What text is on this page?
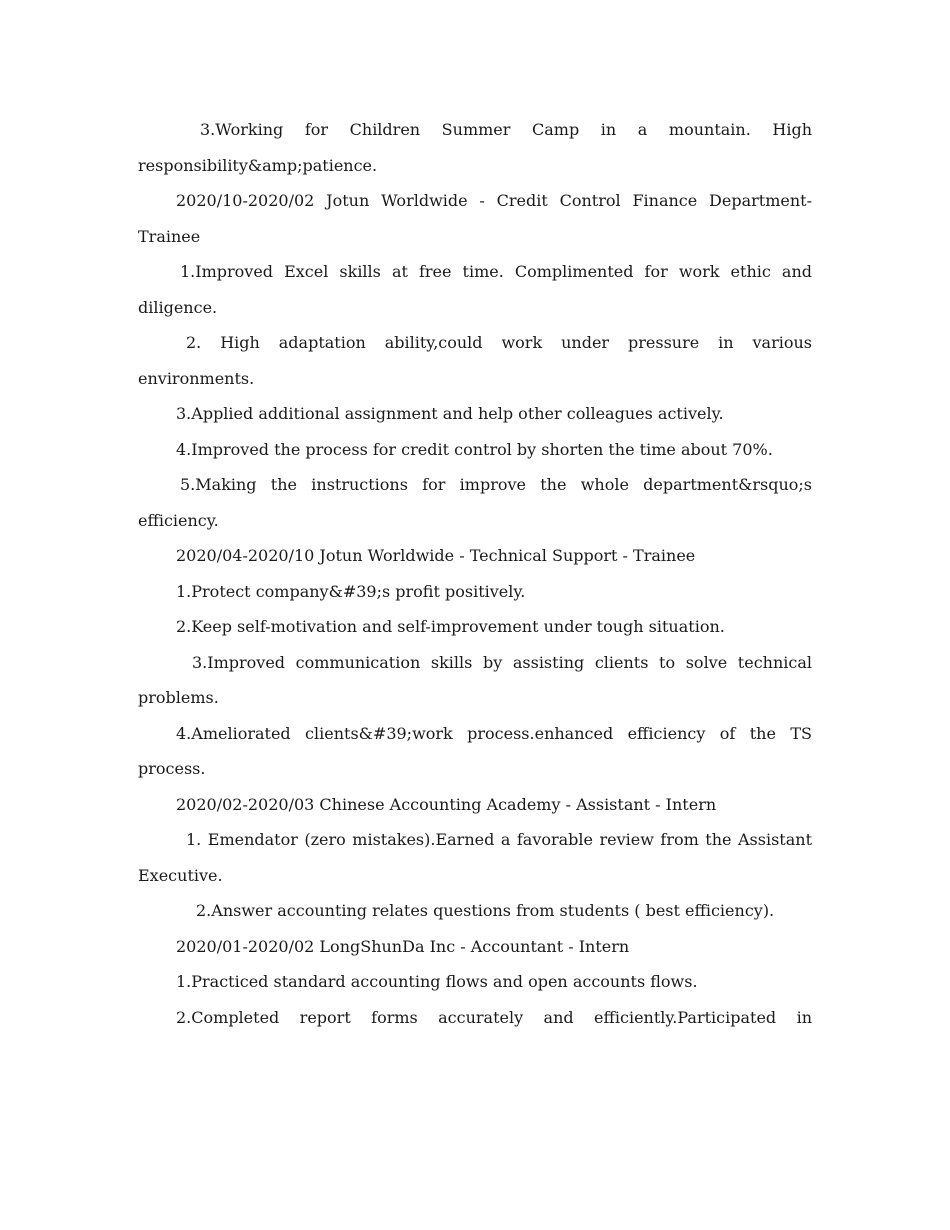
3.Working for Children Summer Camp in a mountain. High responsibility&amp;patience.

2020/10-2020/02 Jotun Worldwide - Credit Control Finance Department-Trainee

1.Improved Excel skills at free time. Complimented for work ethic and diligence.

2. High adaptation ability,could work under pressure in various environments.

3.Applied additional assignment and help other colleagues actively.

4.Improved the process for credit control by shorten the time about 70%.

5.Making the instructions for improve the whole department&rsquo;s efficiency.

2020/04-2020/10 Jotun Worldwide - Technical Support - Trainee

1.Protect company&#39;s profit positively.

2.Keep self-motivation and self-improvement under tough situation.

3.Improved communication skills by assisting clients to solve technical problems.

4.Ameliorated clients&#39;work process.enhanced efficiency of the TS process.

2020/02-2020/03 Chinese Accounting Academy - Assistant - Intern

1. Emendator (zero mistakes).Earned a favorable review from the Assistant Executive.

2.Answer accounting relates questions from students ( best efficiency).

2020/01-2020/02 LongShunDa Inc - Accountant - Intern

1.Practiced standard accounting flows and open accounts flows.

2.Completed report forms accurately and efficiently.Participated in
